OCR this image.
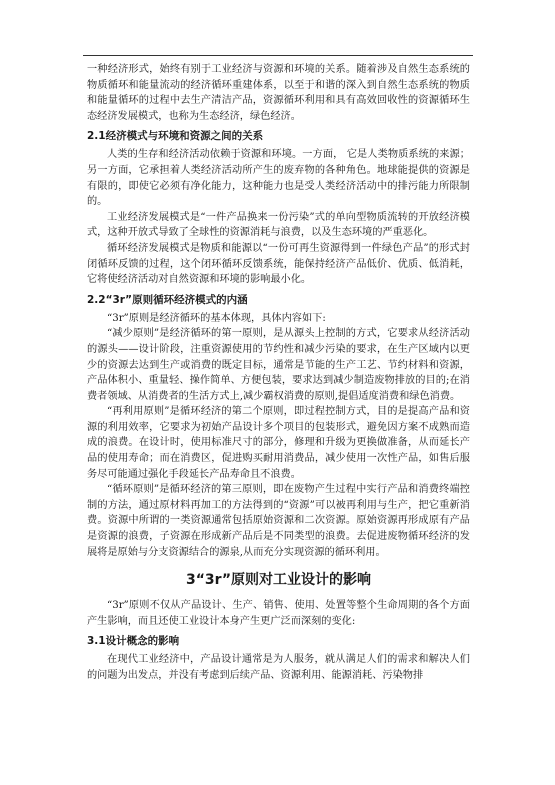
一种经济形式，始终有别于工业经济与资源和环境的关系。随着涉及自然生态系统的物质循环和能量流动的经济循环重建体系，以至于和谐的深入到自然生态系统的物质和能量循环的过程中去生产清洁产品，资源循环利用和具有高效回收性的资源循环生态经济发展模式，也称为生态经济，绿色经济。

2.1经济模式与环境和资源之间的关系

人类的生存和经济活动依赖于资源和环境。一方面， 它是人类物质系统的来源；另一方面，它承担着人类经济活动所产生的废弃物的各种角色。地球能提供的资源是有限的，即使它必须有净化能力，这种能力也是受人类经济活动中的排污能力所限制的。

工业经济发展模式是“一件产品换来一份污染”式的单向型物质流转的开放经济模式，这种开放式导致了全球性的资源消耗与浪费，以及生态环境的严重恶化。

循环经济发展模式是物质和能源以“一份可再生资源得到一件绿色产品”的形式封闭循环反馈的过程，这个闭环循环反馈系统，能保持经济产品低价、优质、低消耗，它将使经济活动对自然资源和环境的影响最小化。

2.2“3r”原则循环经济模式的内涵

“3r”原则是经济循环的基本体现，具体内容如下:

“减少原则”是经济循环的第一原则，是从源头上控制的方式，它要求从经济活动的源头——设计阶段，注重资源使用的节约性和减少污染的要求，在生产区域内以更少的资源去达到生产或消费的既定目标，通常是节能的生产工艺、节约材料和资源，产品体积小、重量轻、操作简单、方便包装，要求达到减少制造废物排放的目的;在消费者领域、从消费者的生活方式上,减少霸权消费的原则,提倡适度消费和绿色消费。

“再利用原则”是循环经济的第二个原则，即过程控制方式，目的是提高产品和资源的利用效率，它要求为初始产品设计多个项目的包装形式，避免因方案不成熟而造成的浪费。在设计时，使用标准尺寸的部分，修理和升级为更换做准备，从而延长产品的使用寿命；而在消费区，促进购买耐用消费品，减少使用一次性产品，如售后服务尽可能通过强化手段延长产品寿命且不浪费。

“循环原则”是循环经济的第三原则，即在废物产生过程中实行产品和消费终端控制的方法，通过原材料再加工的方法得到的“资源”可以被再利用与生产，把它重新消费。资源中所谓的一类资源通常包括原始资源和二次资源。原始资源再形成原有产品是资源的浪费，子资源在形成新产品后是不同类型的浪费。去促进废物循环经济的发展将是原始与分支资源结合的源泉,从而充分实现资源的循环利用。

3“3r”原则对工业设计的影响

“3r”原则不仅从产品设计、生产、销售、使用、处置等整个生命周期的各个方面产生影响，而且还使工业设计本身产生更广泛而深刻的变化:

3.1设计概念的影响

在现代工业经济中，产品设计通常是为人服务，就从满足人们的需求和解决人们的问题为出发点，并没有考虑到后续产品、资源利用、能源消耗、污染物排
